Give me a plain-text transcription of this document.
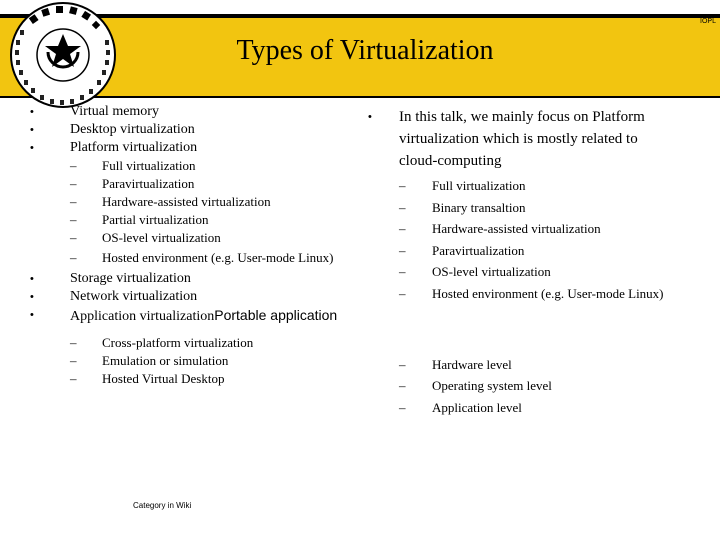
IOPL
Types of Virtualization
•	Virtual memory
•	Desktop virtualization
•	Platform virtualization
– Full virtualization
– Paravirtualization
– Hardware-assisted virtualization
– Partial virtualization
– OS-level virtualization
– Hosted environment (e.g. User-mode Linux)
•	Storage virtualization
•	Network virtualization
•	Application virtualizationPortable application
– Cross-platform virtualization
– Emulation or simulation
– Hosted Virtual Desktop
• In this talk, we mainly focus on Platform virtualization which is mostly related to cloud-computing
– Full virtualization
– Binary transaltion
– Hardware-assisted virtualization
– Paravirtualization
– OS-level virtualization
– Hosted environment (e.g. User-mode Linux)
– Hardware level
– Operating system level
– Application level
Category in Wiki
